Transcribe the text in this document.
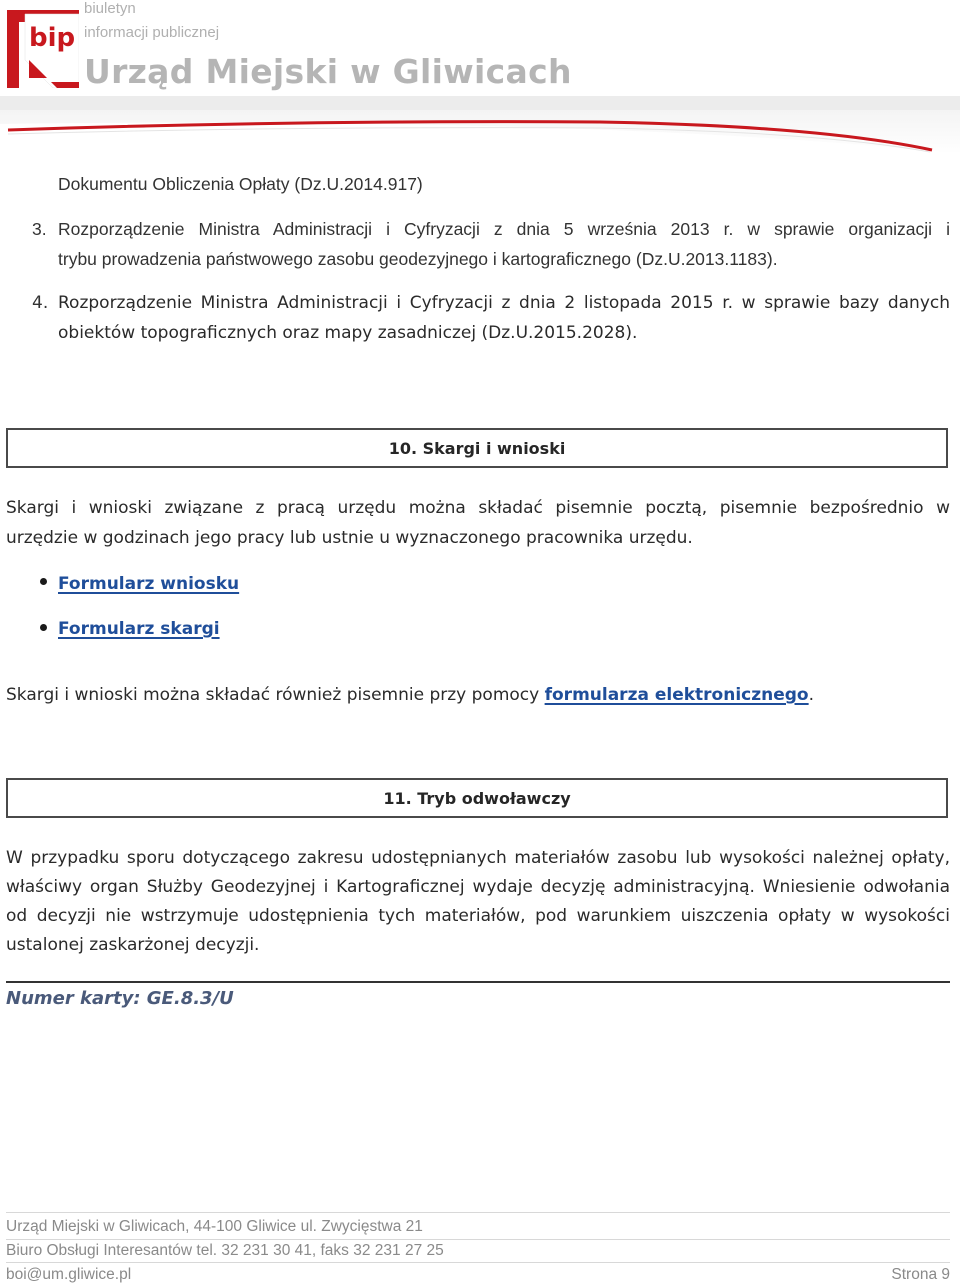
bip
biuletyn
informacji publicznej
Urząd Miejski w Gliwicach
Dokumentu Obliczenia Opłaty (Dz.U.2014.917)
3. Rozporządzenie Ministra Administracji i Cyfryzacji z dnia 5 września 2013 r. w sprawie organizacji i
trybu prowadzenia państwowego zasobu geodezyjnego i kartograficznego (Dz.U.2013.1183).
4. Rozporządzenie Ministra Administracji i Cyfryzacji z dnia 2 listopada 2015 r. w sprawie bazy danych
obiektów topograficznych oraz mapy zasadniczej (Dz.U.2015.2028).
10. Skargi i wnioski
Skargi i wnioski związane z pracą urzędu można składać pisemnie pocztą, pisemnie bezpośrednio w
urzędzie w godzinach jego pracy lub ustnie u wyznaczonego pracownika urzędu.
Formularz wniosku
Formularz skargi
Skargi i wnioski można składać również pisemnie przy pomocy formularza elektronicznego.
11. Tryb odwoławczy
W przypadku sporu dotyczącego zakresu udostępnianych materiałów zasobu lub wysokości należnej opłaty,
właściwy organ Służby Geodezyjnej i Kartograficznej wydaje decyzję administracyjną. Wniesienie odwołania
od decyzji nie wstrzymuje udostępnienia tych materiałów, pod warunkiem uiszczenia opłaty w wysokości
ustalonej zaskarżonej decyzji.
Numer karty: GE.8.3/U
Urząd Miejski w Gliwicach, 44-100 Gliwice ul. Zwycięstwa 21
Biuro Obsługi Interesantów tel. 32 231 30 41, faks 32 231 27 25
boi@um.gliwice.pl	Strona 9
